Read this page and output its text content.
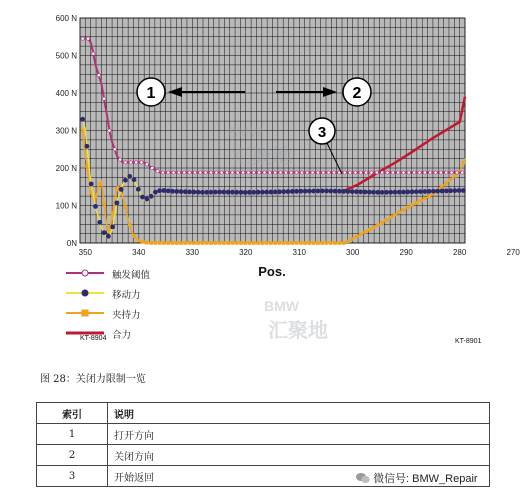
0N
100 N
200 N
300 N
400 N
500 N
600 N
350	340	330	320	310	300	290	280	270
Pos.
1	2
3
BMW
汇聚地
BMW
汇聚地
触发阈值
移动力
夹持力
合力
KT-8904	KT-8901
图 28：关闭力限制一览
索引	说明
1	打开方向
2	关闭方向
3	开始返回	微信号: BMW_Repair
